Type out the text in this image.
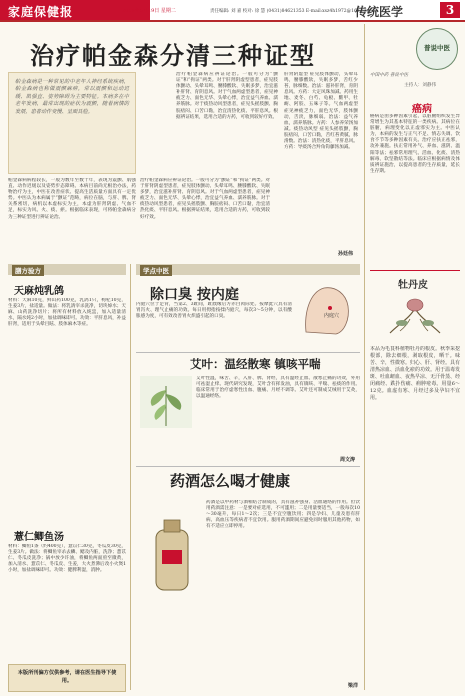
家庭保健报	2016年5月19日 星期二	责任编辑: 刘 嘉 校对: 徐 慧 (0431)84621353 E-mail:xsz4h1972@163.com
传统医学	3
治疗帕金森分清三种证型
帕金森病是一种常见的中老年人神经系统疾病，帕金森病也称做震颤麻痹，常以震颤和运动迟缓、肌强直、姿势障碍为主要特征。本病多在中老年发病，最常出现的症状为震颤，随着病情的发展，患者动作变慢、呈面具脸。
帕金森病病程较长，一般为数年至数十年，表现为震颤、肌强直、动作迟缓以及姿势步态障碍。本病目前尚无根治办法，药物治疗为主，中医在改善症状、提高生活质量方面具有一定优势。中医认为本病属于“颤证”范畴，病位在脑，与肝、脾、肾关系密切，病机以本虚标实为主，本虚为肝肾阴虚、气血不足，标实为风、火、痰、瘀。根据临床表现，可将帕金森病分为三种证型进行辨证论治。
治疗帕金森病应辨证论治。一般可分为“颤证”和“拘证”两类。对于肝肾阴虚型患者，症见肢体颤动、头晕耳鸣、腰膝酸软、失眠多梦，治宜滋补肝肾、育阴息风。对于气血两虚型患者，症见神疲乏力、面色无华、头晕心悸，治宜益气养血、濡养筋脉。对于痰热动风型患者，症见头摇肢颤、胸脘痞闷、口苦口黏，治宜清热化痰、平肝息风。根据辨证结果，选用合适的方药，可收到较好疗效。
治疗帕金森病应辨证论治。一般可分为“颤证”和“拘证”两类。对于肝肾阴虚型患者，症见肢体颤动、头晕耳鸣、腰膝酸软、失眠多梦，治宜滋补肝肾、育阴息风。对于气血两虚型患者，症见神疲乏力、面色无华、头晕心悸，治宜益气养血、濡养筋脉。对于痰热动风型患者，症见头摇肢颤、胸脘痞闷、口苦口黏，治宜清热化痰、平肝息风。根据辨证结果，选用合适的方药，可收到较好疗效。
肝肾阴虚型 症见肢体颤动，头晕耳鸣，腰膝酸软，失眠多梦，舌红少苔，脉细数。治法：滋补肝肾，育阴息风。方药：大定风珠加减。药用生地、麦冬、白芍、龟板、鳖甲、牡蛎、阿胶、五味子等。气血两虚型 症见神疲乏力，面色无华，肢体颤动，舌淡，脉细弱。治法：益气养血，濡养筋脉。方药：人参养荣汤加减。痰热动风型 症见头摇肢颤，胸脘痞闷，口苦口黏，舌红苔黄腻，脉滑数。治法：清热化痰，平肝息风。方药：导痰汤合羚角钩藤汤加减。
孙廷伟
普说中医
中国中药 普说中医
主持人：刘静伟
癌病
癌病是由多种因素引起，以脏腑组织发生异常增生为其基本特征的一类疾病。其病位在脏腑，病理变化以正虚邪实为主。中医认为，本病的发生与正气不足、情志失调、饮食不节等多种因素有关。治疗应扶正祛邪，攻补兼施。扶正常用补气、养血、滋阴、温阳等法；祛邪常用理气、活血、化痰、清热解毒、软坚散结等法。临床应根据病情及体质辨证施治，以提高患者的生存质量，延长生存期。
牡丹皮
本品为毛茛科植物牡丹的根皮。秋季采挖根部，除去细根，剥取根皮，晒干。味苦、辛，性微寒。归心、肝、肾经。具有清热凉血、活血化瘀的功效。用于温毒发斑、吐血衄血、夜热早凉、无汗骨蒸、经闭痛经、跌扑伤痛、痈肿疮毒。用量6～12克。血虚有寒、月经过多及孕妇不宜用。
膳方验方
天麻炖乳鸽
材料：天麻10克，鲜山药100克，乳鸽1只，枸杞10克，生姜3片，盐适量。做法：将乳鸽宰杀洗净，切块焯水；天麻、山药洗净切片；将所有材料放入炖盅，加入适量清水，隔水炖2小时，加盐调味即可。功效：平肝息风，补益肝肾，适用于头晕目眩、肢体麻木等症。
薏仁鲫鱼汤
材料：鲫鱼1条（约400克），薏苡仁30克，冬瓜皮30克，生姜3片。做法：将鲫鱼宰杀去鳞、鳃及内脏，洗净；薏苡仁、冬瓜皮洗净；锅中放少许油，将鲫鱼两面煎至微黄，加入清水、薏苡仁、冬瓜皮、生姜，大火煮沸后改小火煲1小时，加盐调味即可。功效：健脾利湿，消肿。
本版所刊偏方仅供参考，请在医生指导下使用。
学点中医
除口臭 按内庭
内庭穴
内庭穴位于足背，当第2、3趾间，趾蹼缘后方赤白肉际处。按摩此穴具有清胃泻火、理气止痛的功效。每日用拇指按揉内庭穴，每次3～5分钟，以有酸胀感为度，可有效改善胃火炽盛引起的口臭。
艾叶：温经散寒 镇咳平喘
艾叶性温，味苦、辛，入肝、脾、肾经，具有温经止血、散寒止痛的功效，外用可祛湿止痒。现代研究发现，艾叶含有挥发油，具有镇咳、平喘、祛痰的作用。临床常用于治疗虚寒性出血、腹痛、月经不调等。艾叶还可制成艾绒用于艾灸，以温通经络。
周文涛
药酒怎么喝才健康
药酒是以中药材与酒相结合制成的，具有滋补强身、活血通络的作用。但饮用药酒需注意：一是要对症选用，不可滥用；二是用量要适当，一般每次10～30毫升，每日1～2次；三是不宜空腹饮用；四是孕妇、儿童及患有肝病、高血压等疾病者不宜饮用。服用药酒期间应避免同时服用其他药物，如有不适应立即停用。
梁洋
